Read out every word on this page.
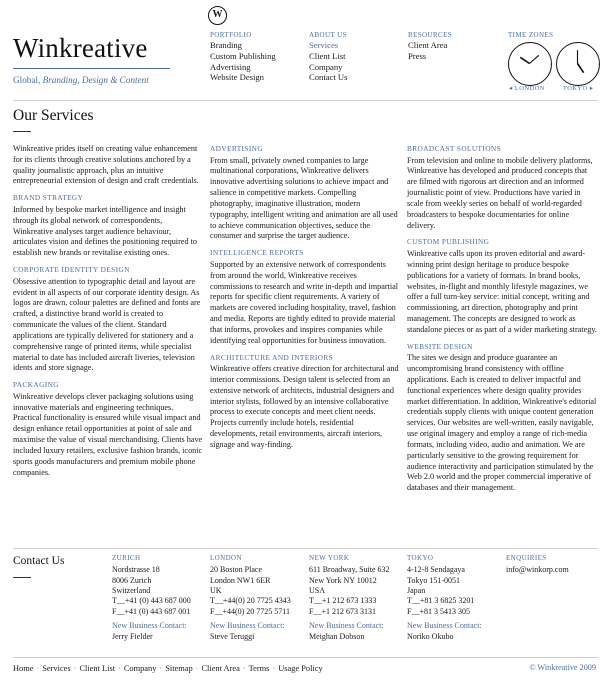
W
Winkreative
Global, Branding, Design & Content
PORTFOLIO
Branding
Custom Publishing
Advertising
Website Design
ABOUT US
Services
Client List
Company
Contact Us
RESOURCES
Client Area
Press
TIME ZONES
◂ LONDON	TOKYO ▸
Our Services

Winkreative prides itself on creating value enhancement for its clients through creative solutions anchored by a quality journalistic approach, plus an intuitive entrepreneurial extension of design and craft credentials.

BRAND STRATEGY

Informed by bespoke market intelligence and insight through its global network of correspondents, Winkreative analyses target audience behaviour, articulates vision and defines the positioning required to establish new brands or revitalise existing ones.

CORPORATE IDENTITY DESIGN

Obsessive attention to typographic detail and layout are evident in all aspects of our corporate identity design. As logos are drawn, colour palettes are defined and fonts are crafted, a distinctive brand world is created to communicate the values of the client. Standard applications are typically delivered for stationery and a comprehensive range of printed items, while specialist material to date has included aircraft liveries, television idents and store signage.

PACKAGING

Winkreative develops clever packaging solutions using innovative materials and engineering techniques. Practical functionality is ensured while visual impact and design enhance retail opportunities at point of sale and maximise the value of visual merchandising. Clients have included luxury retailers, exclusive fashion brands, iconic sports goods manufacturers and premium mobile phone companies.

ADVERTISING

From small, privately owned companies to large multinational corporations, Winkreative delivers innovative advertising solutions to achieve impact and salience in competitive markets. Compelling photography, imaginative illustration, modern typography, intelligent writing and animation are all used to achieve communication objectives, seduce the consumer and surprise the target audience.

INTELLIGENCE REPORTS

Supported by an extensive network of correspondents from around the world, Winkreative receives commissions to research and write in-depth and impartial reports for specific client requirements. A variety of markets are covered including hospitality, travel, fashion and media. Reports are tightly edited to provide material that informs, provokes and inspires companies while identifying real opportunities for business innovation.

ARCHITECTURE AND INTERIORS

Winkreative offers creative direction for architectural and interior commissions. Design talent is selected from an extensive network of architects, industrial designers and interior stylists, followed by an intensive collaborative process to execute concepts and meet client needs. Projects currently include hotels, residential developments, retail environments, aircraft interiors, signage and way-finding.

BROADCAST SOLUTIONS

From television and online to mobile delivery platforms, Winkreative has developed and produced concepts that are filmed with rigorous art direction and an informed journalistic point of view. Productions have varied in scale from weekly series on behalf of world-regarded broadcasters to bespoke documentaries for online delivery.

CUSTOM PUBLISHING

Winkreative calls upon its proven editorial and award-winning print design heritage to produce bespoke publications for a variety of formats. In brand books, websites, in-flight and monthly lifestyle magazines, we offer a full turn-key service: initial concept, writing and commissioning, art direction, photography and print management. The concepts are designed to work as standalone pieces or as part of a wider marketing strategy.

WEBSITE DESIGN

The sites we design and produce guarantee an uncompromising brand consistency with offline applications. Each is created to deliver impactful and functional experiences where design quality provides market differentiation. In addition, Winkreative's editorial credentials supply clients with unique content generation services. Our websites are well-written, easily navigable, use original imagery and employ a range of rich-media formats, including video, audio and animation. We are particularly sensitive to the growing requirement for audience interactivity and participation stimulated by the Web 2.0 world and the proper commercial imperative of databases and their management.

Contact Us	ZURICH
Nordstrasse 18
8006 Zurich
Switzerland
T__+41 (0) 443 687 000
F__+41 (0) 443 687 001
New Business Contact:
Jerry Fielder
LONDON
20 Boston Place
London NW1 6ER
UK
T__+44(0) 20 7725 4343
F__+44(0) 20 7725 5711
New Business Contact:
Steve Teruggi
NEW YORK
611 Broadway, Suite 632
New York NY 10012
USA
T__+1 212 673 1333
F__+1 212 673 3131
New Business Contact:
Meighan Dobson
TOKYO
4-12-8 Sendagaya
Tokyo 151-0051
Japan
T__+81 3 6825 3201
F__+81 3 5413 305
New Business Contact:
Noriko Okubo
ENQUIRIES
info@winkorp.com
Home · Services · Client List · Company · Sitemap · Client Area · Terms · Usage Policy	© Winkreative 2009
